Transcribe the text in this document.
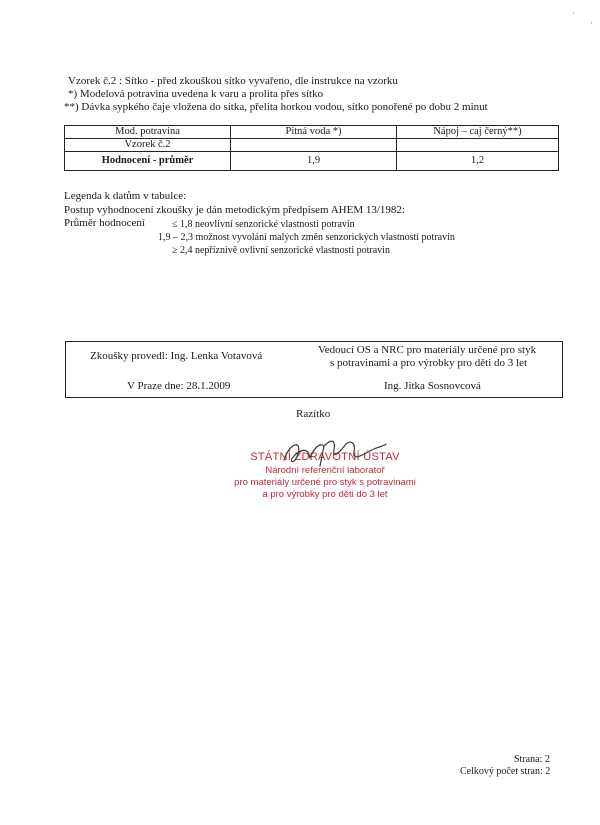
Vzorek č.2 : Sítko - před zkouškou sítko vyvařeno, dle instrukce na vzorku
*) Modelová potravina uvedena k varu a prolita přes sítko
**) Dávka sypkého čaje vložena do sítka, přelita horkou vodou, sítko ponořené po dobu 2 minut
Mod. potravina	Pitná voda *)	Nápoj – caj černý**)
Vzorek č.2		
Hodnocení - průměr	1,9	1,2
Legenda k datům v tabulce:
Postup vyhodnocení zkoušky je dán metodickým předpisem AHEM 13/1982:
Průměr hodnocení	≤ 1,8 neovlivní senzorické vlastnosti potravin
1,9 – 2,3 možnost vyvolání malých změn senzorických vlastností potravin
≥ 2,4 nepříznivě ovlivní senzorické vlastnosti potravin
Zkoušky provedl: Ing. Lenka Votavová	Vedoucí OS a NRC pro materiály určené pro styk
s potravinami a pro výrobky pro děti do 3 let
V Praze dne: 28.1.2009	Ing. Jitka Sosnovcová
Razítko
STÁTNÍ ZDRAVOTNÍ ÚSTAV
Národní referenční laboratoř
pro materiály určené pro styk s potravinami
a pro výrobky pro děti do 3 let
·
·
Strana: 2
Celkový počet stran: 2
